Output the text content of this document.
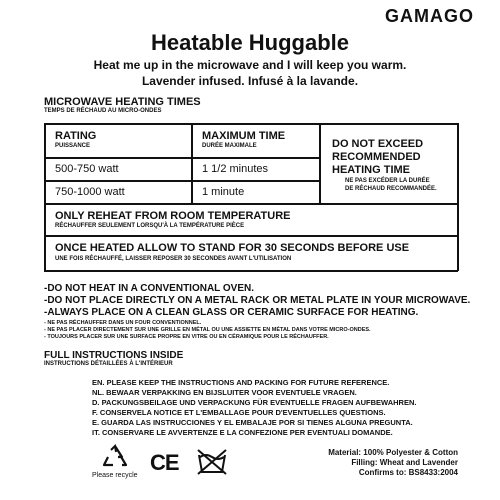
GAMAGO
Heatable Huggable
Heat me up in the microwave and I will keep you warm.
Lavender infused. Infusé à la lavande.
MICROWAVE HEATING TIMES
TEMPS DE RÉCHAUD AU MICRO-ONDES
RATING
PUISSANCE
MAXIMUM TIME
DURÉE MAXIMALE
500-750 watt	1 1/2 minutes
750-1000 watt	1 minute
DO NOT EXCEED
RECOMMENDED
HEATING TIME
NE PAS EXCÉDER LA DURÉE
DE RÉCHAUD RECOMMANDÉE.
ONLY REHEAT FROM ROOM TEMPERATURE
RÉCHAUFFER SEULEMENT LORSQU'À LA TEMPÉRATURE PIÈCE
ONCE HEATED ALLOW TO STAND FOR 30 SECONDS BEFORE USE
UNE FOIS RÉCHAUFFÉ, LAISSER REPOSER 30 SECONDES AVANT L'UTILISATION
-DO NOT HEAT IN A CONVENTIONAL OVEN.
-DO NOT PLACE DIRECTLY ON A METAL RACK OR METAL PLATE IN YOUR MICROWAVE.
-ALWAYS PLACE ON A CLEAN GLASS OR CERAMIC SURFACE FOR HEATING.
- NE PAS RÉCHAUFFER DANS UN FOUR CONVENTIONNEL.
- NE PAS PLACER DIRECTEMENT SUR UNE GRILLE EN MÉTAL OU UNE ASSIETTE EN MÉTAL DANS VOTRE MICRO-ONDES.
- TOUJOURS PLACER SUR UNE SURFACE PROPRE EN VITRE OU EN CÉRAMIQUE POUR LE RÉCHAUFFER.
FULL INSTRUCTIONS INSIDE
INSTRUCTIONS DÉTAILLÉES À L'INTÉRIEUR
EN. PLEASE KEEP THE INSTRUCTIONS AND PACKING FOR FUTURE REFERENCE.
NL. BEWAAR VERPAKKING EN BIJSLUITER VOOR EVENTUELE VRAGEN.
D. PACKUNGSBEILAGE UND VERPACKUNG FÜR EVENTUELLE FRAGEN AUFBEWAHREN.
F. CONSERVELA NOTICE ET L'EMBALLAGE POUR D'EVENTUELLES QUESTIONS.
E. GUARDA LAS INSTRUCCIONES Y EL EMBALAJE POR SI TIENES ALGUNA PREGUNTA.
IT. CONSERVARE LE AVVERTENZE E LA CONFEZIONE PER EVENTUALI DOMANDE.
Please recycle
CE	Material: 100% Polyester & Cotton
Filling: Wheat and Lavender
Confirms to: BS8433:2004
